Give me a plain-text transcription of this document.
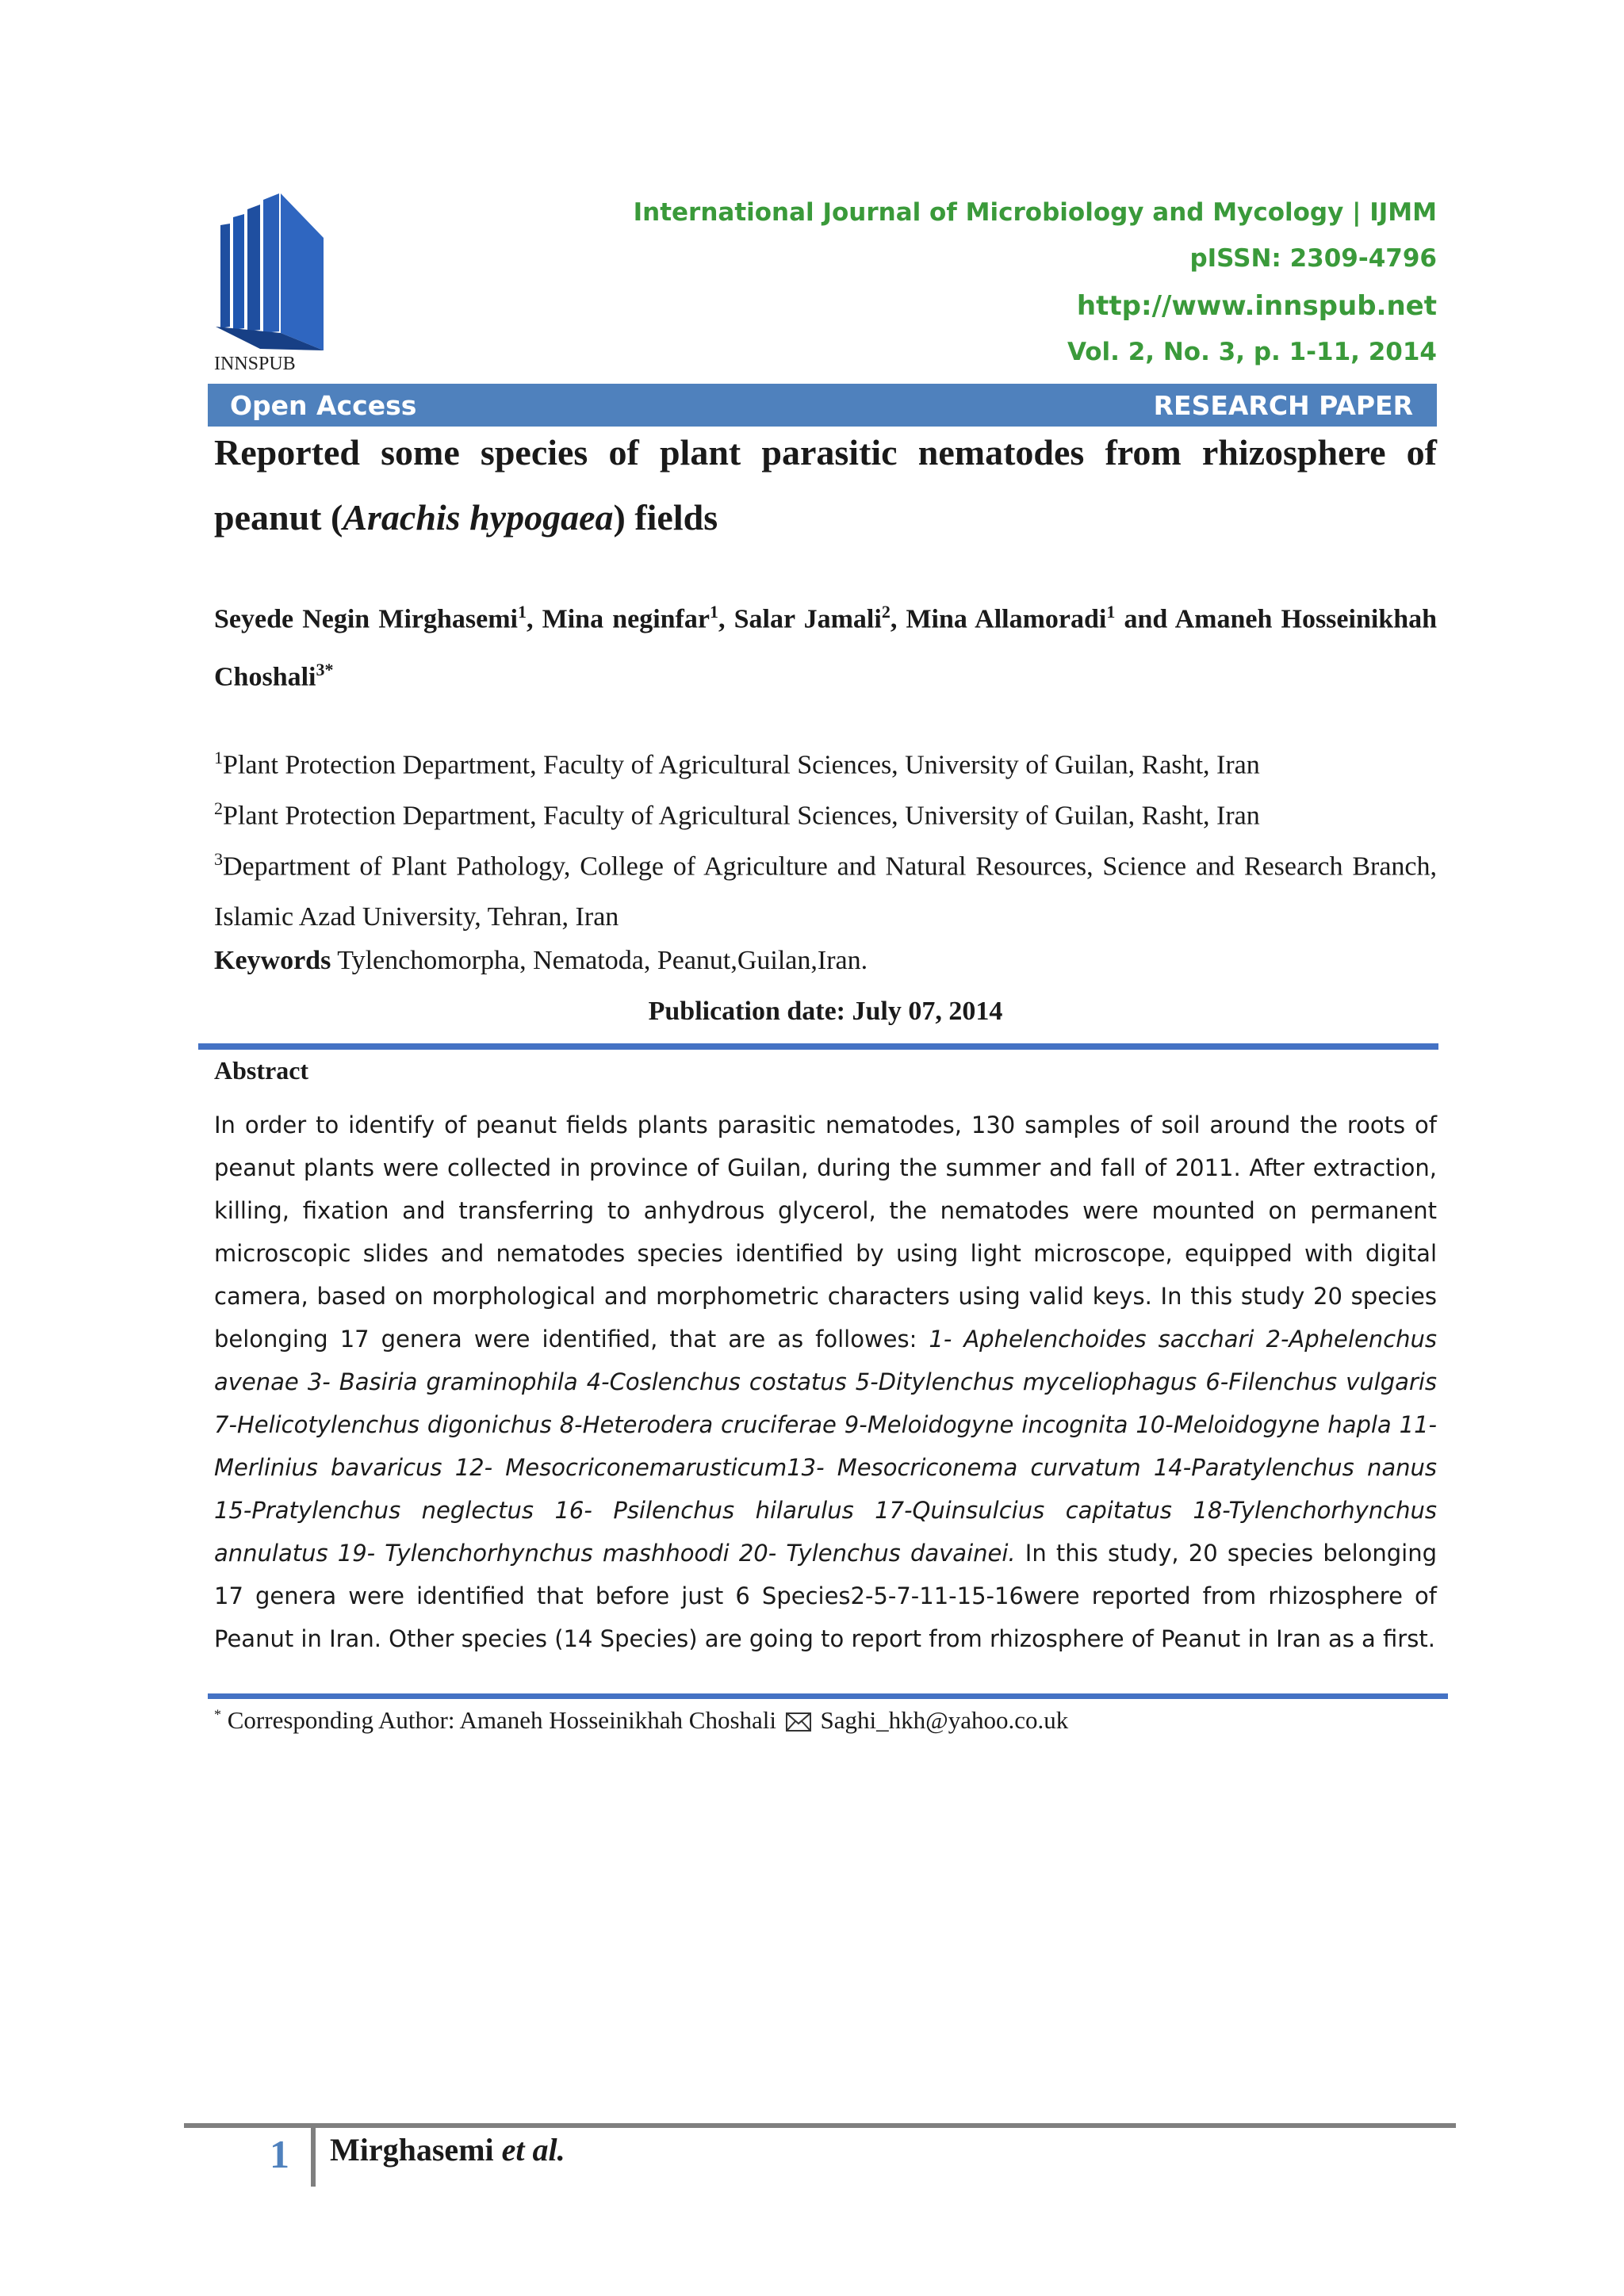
INNSPUB
International Journal of Microbiology and Mycology | IJMM
pISSN: 2309-4796
http://www.innspub.net
Vol. 2, No. 3, p. 1-11, 2014
Open Access	RESEARCH PAPER
Reported some species of plant parasitic nematodes from rhizosphere of peanut (Arachis hypogaea) fields
Seyede Negin Mirghasemi$^1$, Mina neginfar$^1$, Salar Jamali$^2$, Mina Allamoradi$^1$ and Amaneh Hosseinikhah Choshali$^{3*}$
$^1$Plant Protection Department, Faculty of Agricultural Sciences, University of Guilan, Rasht, Iran
$^2$Plant Protection Department, Faculty of Agricultural Sciences, University of Guilan, Rasht, Iran
$^3$Department of Plant Pathology, College of Agriculture and Natural Resources, Science and Research Branch, Islamic Azad University, Tehran, Iran
Keywords Tylenchomorpha, Nematoda, Peanut,Guilan,Iran.
Publication date: July 07, 2014
Abstract
In order to identify of peanut fields plants parasitic nematodes, 130 samples of soil around the roots of peanut plants were collected in province of Guilan, during the summer and fall of 2011. After extraction, killing, fixation and transferring to anhydrous glycerol, the nematodes were mounted on permanent microscopic slides and nematodes species identified by using light microscope, equipped with digital camera, based on morphological and morphometric characters using valid keys. In this study 20 species belonging 17 genera were identified, that are as followes: 1- Aphelenchoides sacchari 2-Aphelenchus avenae 3- Basiria graminophila 4-Coslenchus costatus 5-Ditylenchus myceliophagus 6-Filenchus vulgaris 7-Helicotylenchus digonichus 8-Heterodera cruciferae 9-Meloidogyne incognita 10-Meloidogyne hapla 11-Merlinius bavaricus 12- Mesocriconemarusticum13- Mesocriconema curvatum 14-Paratylenchus nanus 15-Pratylenchus neglectus 16- Psilenchus hilarulus 17-Quinsulcius capitatus 18-Tylenchorhynchus annulatus 19- Tylenchorhynchus mashhoodi 20- Tylenchus davainei. In this study, 20 species belonging 17 genera were identified that before just 6 Species2-5-7-11-15-16were reported from rhizosphere of Peanut in Iran. Other species (14 Species) are going to report from rhizosphere of Peanut in Iran as a first.
* Corresponding Author: Amaneh Hosseinikhah Choshali Saghi_hkh@yahoo.co.uk
1 Mirghasemi et al.
